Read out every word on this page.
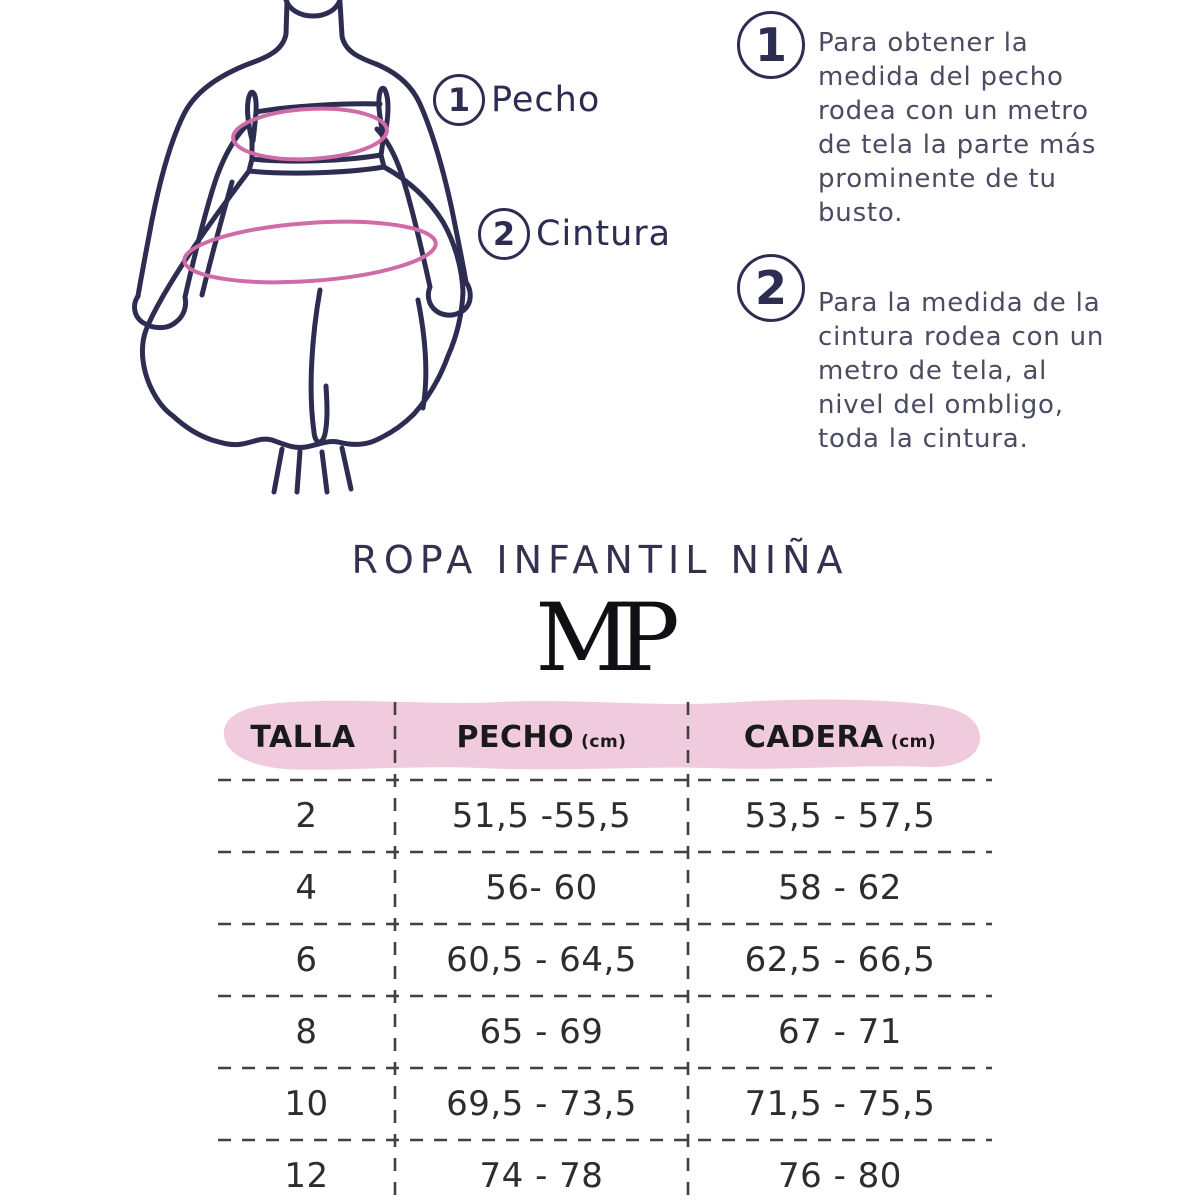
1 Pecho
2 Cintura
1	Para obtener la medida del pecho rodea con un metro de tela la parte más prominente de tu busto.
2	Para la medida de la cintura rodea con un metro de tela, al nivel del ombligo, toda la cintura.
ROPA INFANTIL NIÑA
MP
TALLA	PECHO (cm)	CADERA (cm)
2	51,5 -55,5	53,5 - 57,5
4	56- 60	58 - 62
6	60,5 - 64,5	62,5 - 66,5
8	65 - 69	67 - 71
10	69,5 - 73,5	71,5 - 75,5
12	74 - 78	76 - 80
